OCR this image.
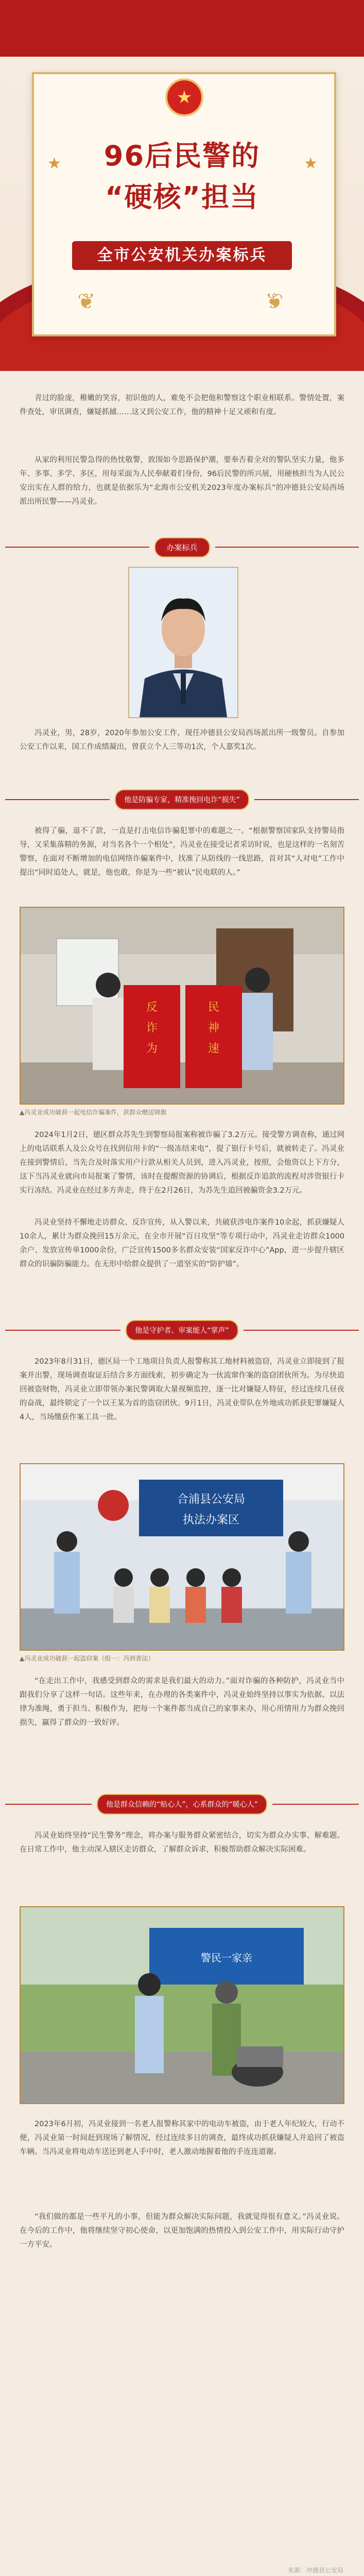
★
★	★
96后民警的
“硬核”担当
全市公安机关办案标兵
❦	❦
青过的脸庞，稚嫩的笑容，初识他的人，难免不会把他和警察这个职业相联系。警情处置，案件查处，审讯调查，嫌疑抓捕……这又到公安工作，他的精神十足又顽和有度。
从家的利用民警急得的热忱敬警，敦围如今思路保护潮，要奉否着全对的警队坚实力量，他多年、多事、多学、多区，用每采面为人民奉献着们身份，96后民警的所兴展，用硬核担当为人民公安出实在人群的给力，也就是依据乐为“北海市公安机关2023年度办案标兵”的冲德县公安局西场派出所民警——冯灵业。
办案标兵
冯灵业，男，28岁，2020年参加公安工作，现任冲德县公安局西场派出所一级警员。自参加公安工作以来，国工作成绩凝出，曾获立个人三等功1次，个人嘉奖1次。
他是防骗专家，精准挽回电诈“损失”
被得了骗，退不了款，一直是打击电信诈骗犯罪中的难题之一。“根据警察国家队支持警局指导，又采集落精的务源，对当名各个一个相处”，冯灵业在接受记者采访时说，也是这样的一名刻苦警察，在面对不断增加的电信网络诈骗案件中，找准了从防线的一线思路，首对其“人对电”工作中提出“同时追处人，就是，他也敢，你是为一些“被认”民电联的人。”
反
诈
为
民
神
速
▲冯灵业成功破获一起电信诈骗案件，获群众赠送锦旗
2024年1月2日，德区群众苏先生到警察局报案称被诈骗了3.2万元。接受警方调查称，通过网上的电话联系人及公众号在找到信用卡的“一级冻结来电”，提了银行卡号后，就被转走了。冯灵业在接到警情后，当先合及时落实用户行款从相关人员到，进入冯灵业，按照，会他资以上下方分，这下当冯灵业就向市局报案了警情，该时在提醒资源的协调后，根据反诈追款的流程对涉资银行卡实行冻结。冯灵业在经过多方奔走，终于在2月26日，为苏先生追回被骗资金3.2万元。
冯灵业坚持不懈地走访群众、反诈宣传，从入警以来，共破获涉电诈案件10余起，抓获嫌疑人10余人，累计为群众挽回15万余元，在全市开展“百日攻坚”等专项行动中，冯灵业走访群众1000余户、发放宣传单1000余份，广泛宣传1500多名群众安装“国家反诈中心”App，进一步提升辖区群众的识骗防骗能力。在无形中给群众提供了一道坚实的“防护墙”。
他是守护者、审案能人“掌声”
2023年8月31日，德区局一个工地项目负责人报警称其工地材料被盗窃，冯灵业立即接到了报案并出警，现场调查取证后结合多方面线索，初步确定为一伙流窜作案的盗窃团伙所为。为尽快追回被盗财物，冯灵业立即带领办案民警调取大量视频监控，逐一比对嫌疑人特征，经过连续几昼夜的奋战，最终锁定了一个以王某为首的盗窃团伙。9月1日，冯灵业带队在外地成功抓获犯罪嫌疑人4人，当场缴获作案工具一批。
合浦县公安局
执法办案区
▲冯灵业成功破获一起盗窃案（组一：冯到普法）
“在走出工作中，我感受到群众的需求是我们最大的动力。”面对诈骗的各种防护，冯灵业当中跟我们分享了这样一句话。这些年来，在办理的各类案件中，冯灵业始终坚持以事实为依据、以法律为准绳，勇于担当、积极作为，把每一个案件都当成自己的家事来办，用心用情用力为群众挽回损失，赢得了群众的一致好评。
他是群众信赖的“贴心人”，心系群众的“暖心人”
冯灵业始终坚持“民生警务”理念，将办案与服务群众紧密结合，切实为群众办实事、解难题。在日常工作中，他主动深入辖区走访群众，了解群众诉求，积极帮助群众解决实际困难。
警民一家亲
2023年6月初，冯灵业接到一名老人报警称其家中的电动车被盗，由于老人年纪较大，行动不便，冯灵业第一时间赶到现场了解情况，经过连续多日的调查，最终成功抓获嫌疑人并追回了被盗车辆。当冯灵业将电动车送还到老人手中时，老人激动地握着他的手连连道谢。
“我们做的都是一些平凡的小事，但能为群众解决实际问题，我就觉得很有意义。”冯灵业说。在今后的工作中，他将继续坚守初心使命，以更加饱满的热情投入到公安工作中，用实际行动守护一方平安。
来源：冲德县公安局
